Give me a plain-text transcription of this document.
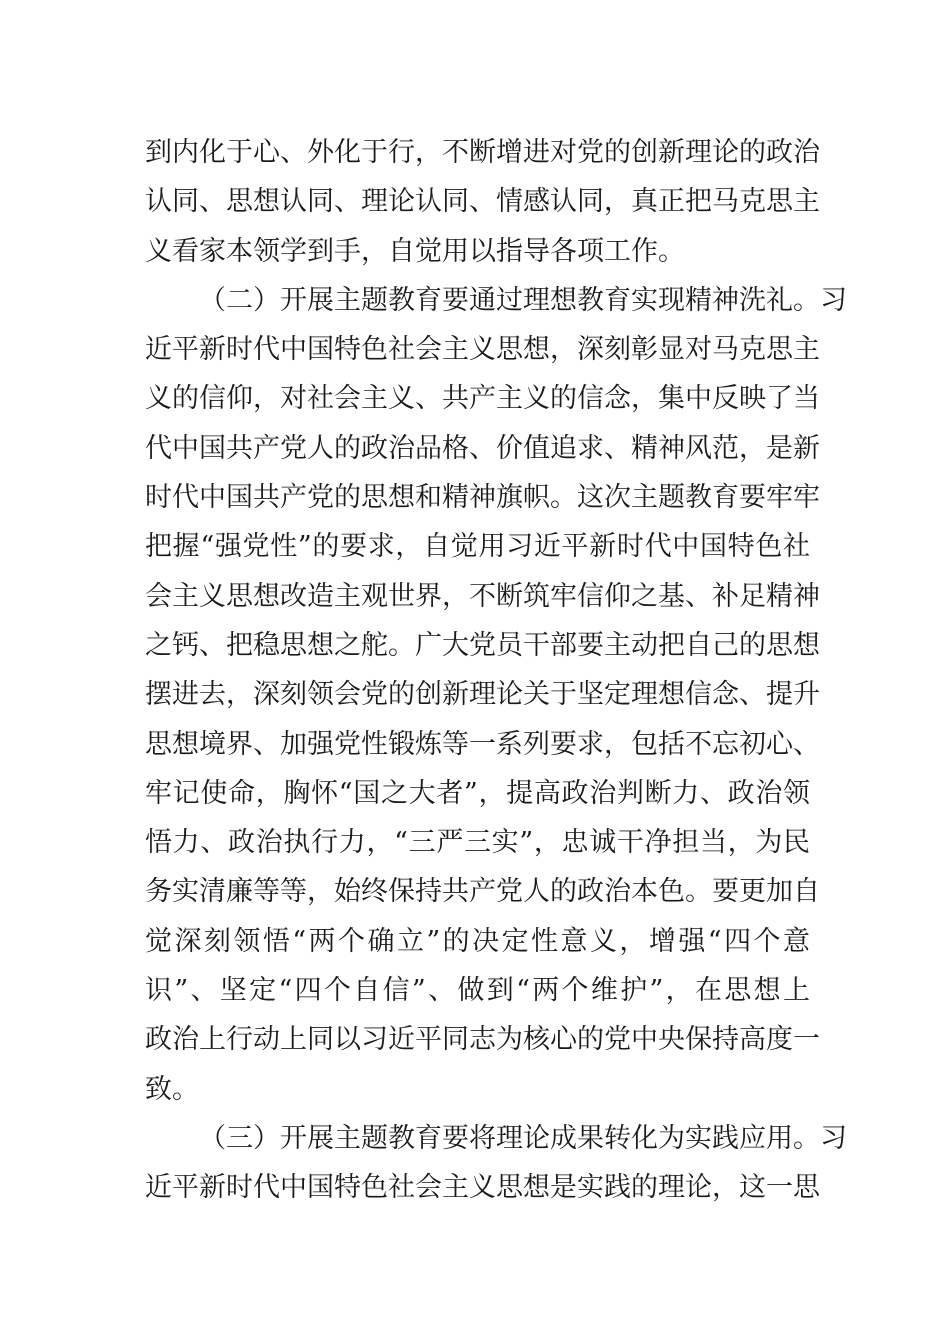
到内化于心、外化于行，不断增进对党的创新理论的政治
认同、思想认同、理论认同、情感认同，真正把马克思主
义看家本领学到手，自觉用以指导各项工作。
（二）开展主题教育要通过理想教育实现精神洗礼。习
近平新时代中国特色社会主义思想，深刻彰显对马克思主
义的信仰，对社会主义、共产主义的信念，集中反映了当
代中国共产党人的政治品格、价值追求、精神风范，是新
时代中国共产党的思想和精神旗帜。这次主题教育要牢牢
把握“强党性”的要求，自觉用习近平新时代中国特色社
会主义思想改造主观世界，不断筑牢信仰之基、补足精神
之钙、把稳思想之舵。广大党员干部要主动把自己的思想
摆进去，深刻领会党的创新理论关于坚定理想信念、提升
思想境界、加强党性锻炼等一系列要求，包括不忘初心、
牢记使命，胸怀“国之大者”，提高政治判断力、政治领
悟力、政治执行力，“三严三实”，忠诚干净担当，为民
务实清廉等等，始终保持共产党人的政治本色。要更加自
觉深刻领悟“两个确立”的决定性意义，增强“四个意
识”、坚定“四个自信”、做到“两个维护”，在思想上
政治上行动上同以习近平同志为核心的党中央保持高度一
致。
（三）开展主题教育要将理论成果转化为实践应用。习
近平新时代中国特色社会主义思想是实践的理论，这一思
